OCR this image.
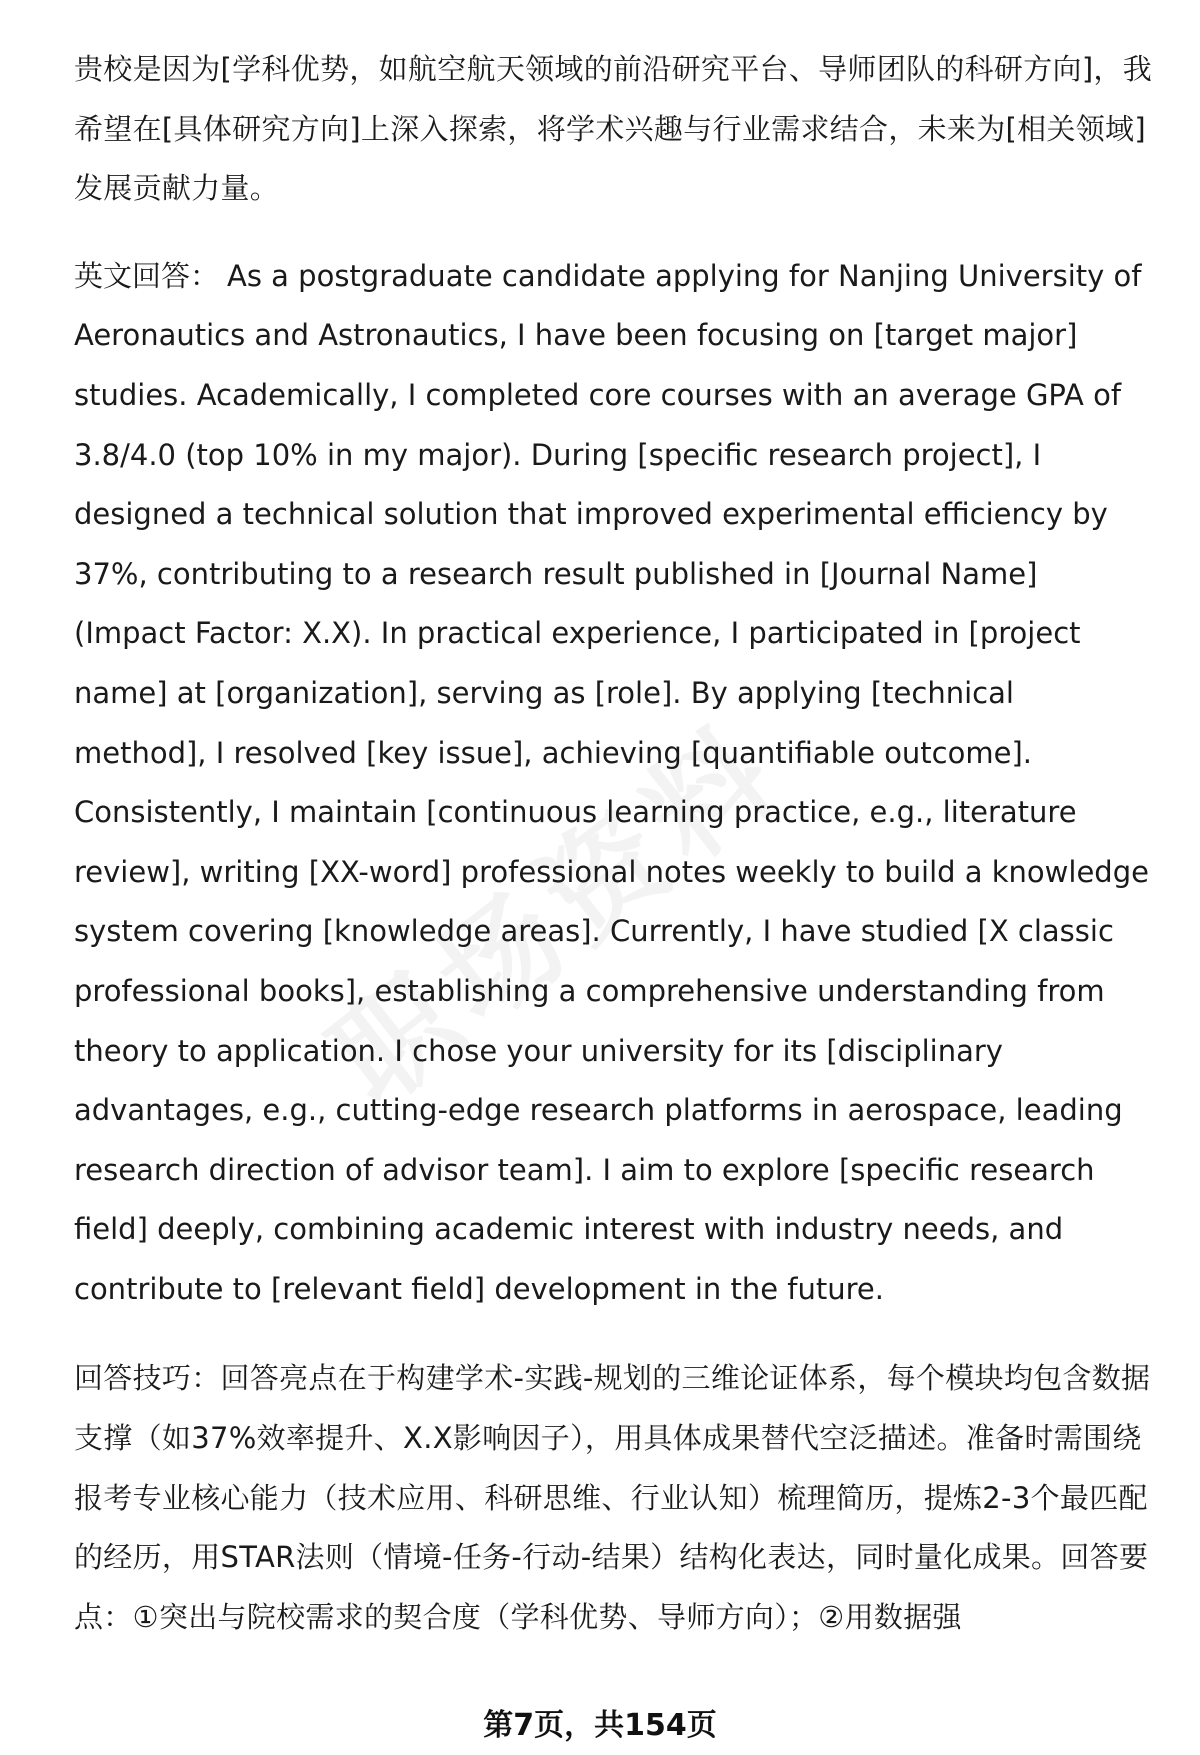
贵校是因为[学科优势，如航空航天领域的前沿研究平台、导师团队的科研方向]，我希望在[具体研究方向]上深入探索，将学术兴趣与行业需求结合，未来为[相关领域]发展贡献力量。

英文回答： As a postgraduate candidate applying for Nanjing University of Aeronautics and Astronautics, I have been focusing on [target major] studies. Academically, I completed core courses with an average GPA of 3.8/4.0 (top 10% in my major). During [specific research project], I designed a technical solution that improved experimental efficiency by 37%, contributing to a research result published in [Journal Name] (Impact Factor: X.X). In practical experience, I participated in [project name] at [organization], serving as [role]. By applying [technical method], I resolved [key issue], achieving [quantifiable outcome]. Consistently, I maintain [continuous learning practice, e.g., literature review], writing [XX-word] professional notes weekly to build a knowledge system covering [knowledge areas]. Currently, I have studied [X classic professional books], establishing a comprehensive understanding from theory to application. I chose your university for its [disciplinary advantages, e.g., cutting-edge research platforms in aerospace, leading research direction of advisor team]. I aim to explore [specific research field] deeply, combining academic interest with industry needs, and contribute to [relevant field] development in the future.

回答技巧：回答亮点在于构建学术-实践-规划的三维论证体系，每个模块均包含数据支撑（如37%效率提升、X.X影响因子），用具体成果替代空泛描述。准备时需围绕报考专业核心能力（技术应用、科研思维、行业认知）梳理简历，提炼2-3个最匹配的经历，用STAR法则（情境-任务-行动-结果）结构化表达，同时量化成果。回答要点：①突出与院校需求的契合度（学科优势、导师方向）；②用数据强

第7页，共154页
